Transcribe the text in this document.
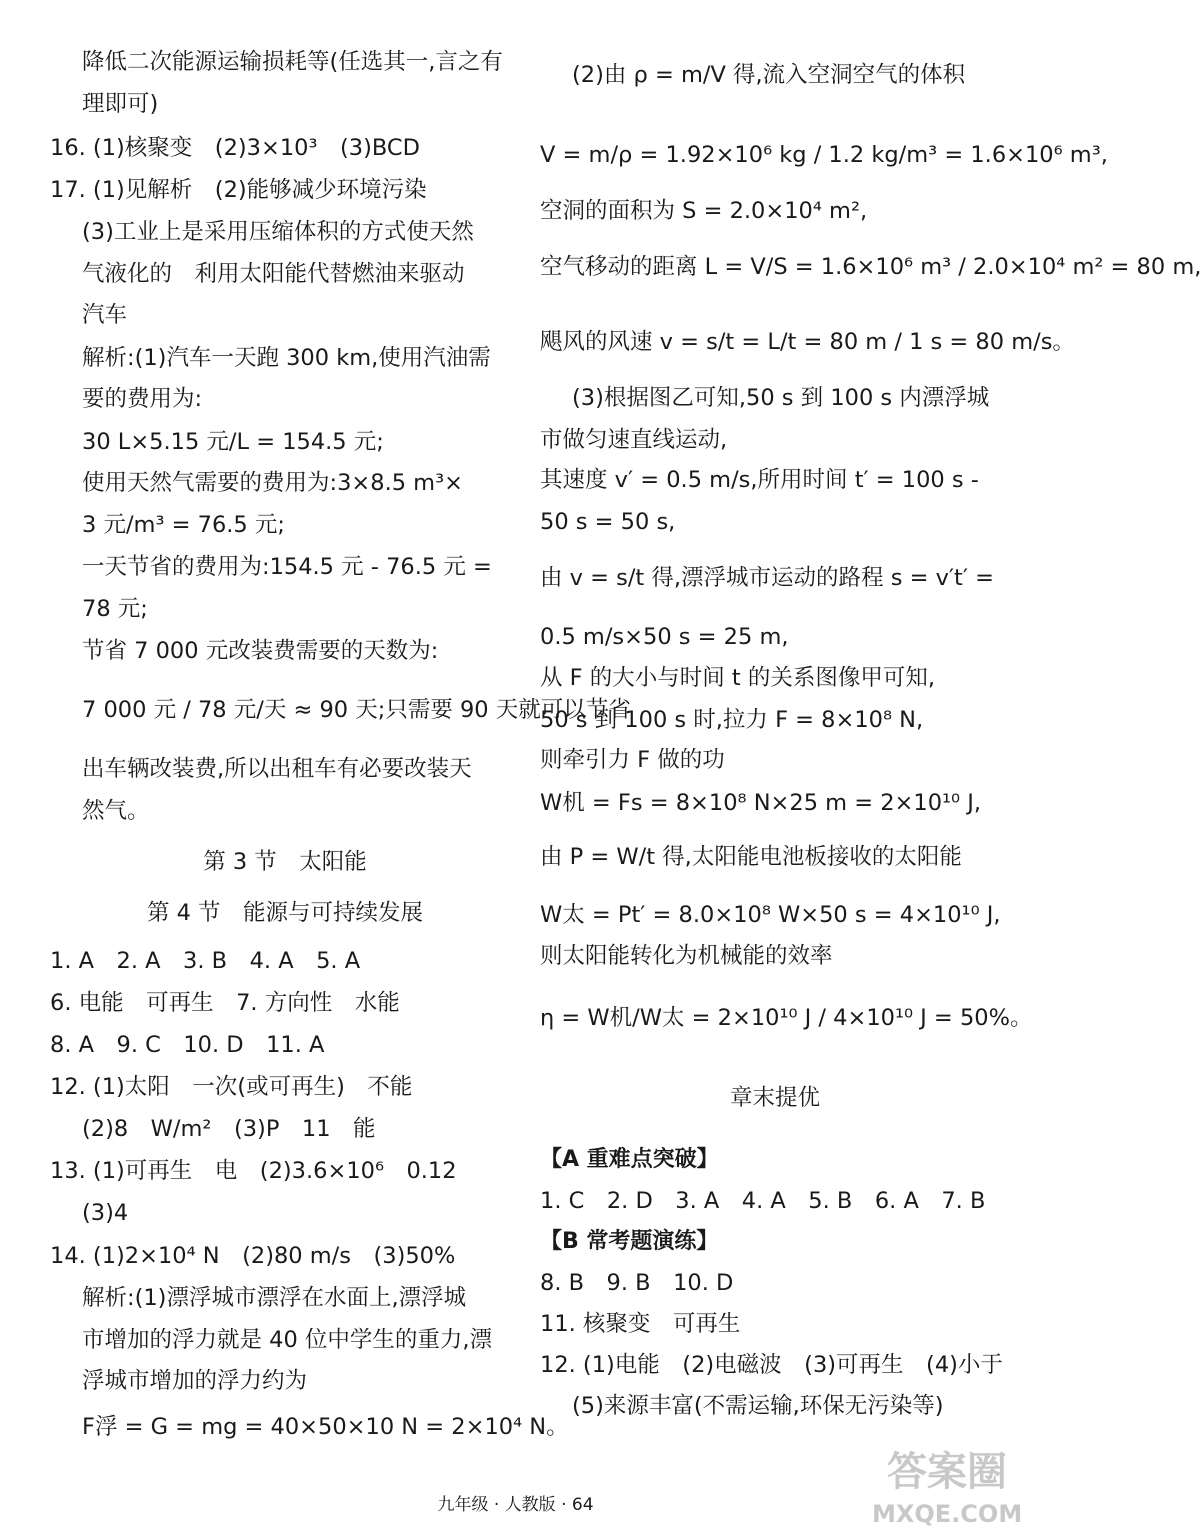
降低二次能源运输损耗等(任选其一,言之有
理即可)
16. (1)核聚变　(2)3×10³　(3)BCD
17. (1)见解析　(2)能够减少环境污染
(3)工业上是采用压缩体积的方式使天然
气液化的　利用太阳能代替燃油来驱动
汽车
解析:(1)汽车一天跑 300 km,使用汽油需
要的费用为:
30 L×5.15 元/L = 154.5 元;
使用天然气需要的费用为:3×8.5 m³×
3 元/m³ = 76.5 元;
一天节省的费用为:154.5 元 - 76.5 元 =
78 元;
节省 7 000 元改装费需要的天数为:
7 000 元 / 78 元/天 ≈ 90 天;只需要 90 天就可以节省
出车辆改装费,所以出租车有必要改装天
然气。
第 3 节　太阳能
第 4 节　能源与可持续发展
1. A　2. A　3. B　4. A　5. A
6. 电能　可再生　7. 方向性　水能
8. A　9. C　10. D　11. A
12. (1)太阳　一次(或可再生)　不能
(2)8　W/m²　(3)P　11　能
13. (1)可再生　电　(2)3.6×10⁶　0.12
(3)4
14. (1)2×10⁴ N　(2)80 m/s　(3)50%
解析:(1)漂浮城市漂浮在水面上,漂浮城
市增加的浮力就是 40 位中学生的重力,漂
浮城市增加的浮力约为
F浮 = G = mg = 40×50×10 N = 2×10⁴ N。
(2)由 ρ = m/V 得,流入空洞空气的体积
V = m/ρ = 1.92×10⁶ kg / 1.2 kg/m³ = 1.6×10⁶ m³,
空洞的面积为 S = 2.0×10⁴ m²,
空气移动的距离 L = V/S = 1.6×10⁶ m³ / 2.0×10⁴ m² = 80 m,
飓风的风速 v = s/t = L/t = 80 m / 1 s = 80 m/s。
(3)根据图乙可知,50 s 到 100 s 内漂浮城
市做匀速直线运动,
其速度 v′ = 0.5 m/s,所用时间 t′ = 100 s -
50 s = 50 s,
由 v = s/t 得,漂浮城市运动的路程 s = v′t′ =
0.5 m/s×50 s = 25 m,
从 F 的大小与时间 t 的关系图像甲可知,
50 s 到 100 s 时,拉力 F = 8×10⁸ N,
则牵引力 F 做的功
W机 = Fs = 8×10⁸ N×25 m = 2×10¹⁰ J,
由 P = W/t 得,太阳能电池板接收的太阳能
W太 = Pt′ = 8.0×10⁸ W×50 s = 4×10¹⁰ J,
则太阳能转化为机械能的效率
η = W机/W太 = 2×10¹⁰ J / 4×10¹⁰ J = 50%。
章末提优
【A 重难点突破】
1. C　2. D　3. A　4. A　5. B　6. A　7. B
【B 常考题演练】
8. B　9. B　10. D
11. 核聚变　可再生
12. (1)电能　(2)电磁波　(3)可再生　(4)小于
(5)来源丰富(不需运输,环保无污染等)
九年级 · 人教版 · 64
答案圈
MXQE.COM
